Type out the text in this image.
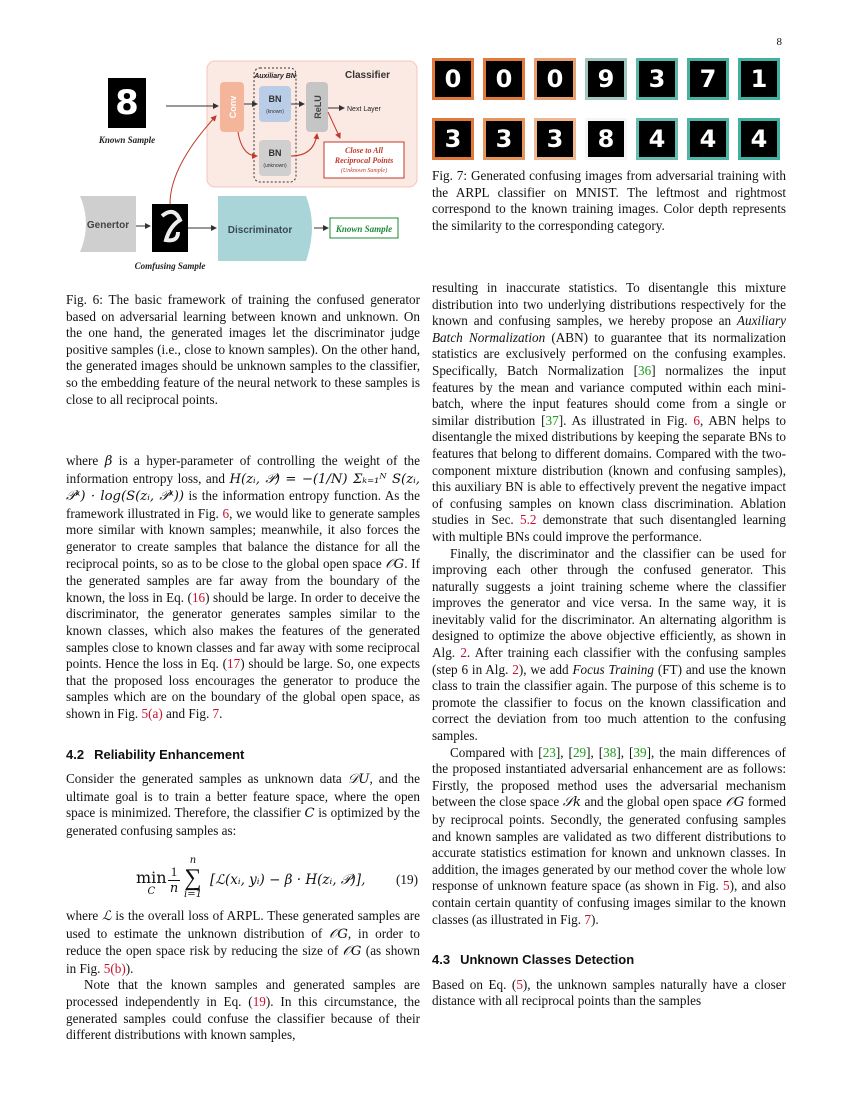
8
Classifier
8
Known Sample
Conv
Auxiliary BN
BN
(known)
BN
(unknown)
ReLU	Next Layer
Close to All
Reciprocal Points
(Unknown Sample)
Genertor
Comfusing Sample
Discriminator	Known Sample
Fig. 6: The basic framework of training the confused generator based on adversarial learning between known and unknown. On the one hand, the generated images let the discriminator judge positive samples (i.e., close to known samples). On the other hand, the generated images should be unknown samples to the classifier, so the embedding feature of the neural network to these samples is close to all reciprocal points.
0 0 0 9 3 7 1
3 3 3 8 4 4 4
Fig. 7: Generated confusing images from adversarial training with the ARPL classifier on MNIST. The leftmost and rightmost correspond to the known training images. Color depth represents the similarity to the corresponding category.

where β is a hyper-parameter of controlling the weight of the information entropy loss, and H(zᵢ, 𝒫) = −(1/N) Σₖ₌₁ᴺ S(zᵢ, 𝒫ᵏ) · log(S(zᵢ, 𝒫ᵏ)) is the information entropy function. As the framework illustrated in Fig. 6, we would like to generate samples more similar with known samples; meanwhile, it also forces the generator to create samples that balance the distance for all the reciprocal points, so as to be close to the global open space 𝒪G. If the generated samples are far away from the boundary of the known, the loss in Eq. (16) should be large. In order to deceive the discriminator, the generator generates samples similar to the known classes, which also makes the features of the generated samples close to known classes and far away with some reciprocal points. Hence the loss in Eq. (17) should be large. So, one expects that the proposed loss encourages the generator to produce the samples which are on the boundary of the global open space, as shown in Fig. 5(a) and Fig. 7.

4.2 Reliability Enhancement

Consider the generated samples as unknown data 𝒟U, and the ultimate goal is to train a better feature space, where the open space is minimized. Therefore, the classifier C is optimized by the generated confusing samples as:

min
C
1
n
n
∑
i=1
[ℒ(xᵢ, yᵢ) − β · H(zᵢ, 𝒫)], (19)

where ℒ is the overall loss of ARPL. These generated samples are used to estimate the unknown distribution of 𝒪G, in order to reduce the open space risk by reducing the size of 𝒪G (as shown in Fig. 5(b)).

Note that the known samples and generated samples are processed independently in Eq. (19). In this circumstance, the generated samples could confuse the classifier because of their different distributions with known samples,

resulting in inaccurate statistics. To disentangle this mixture distribution into two underlying distributions respectively for the known and confusing samples, we hereby propose an Auxiliary Batch Normalization (ABN) to guarantee that its normalization statistics are exclusively performed on the confusing examples. Specifically, Batch Normalization [36] normalizes the input features by the mean and variance computed within each mini-batch, where the input features should come from a single or similar distribution [37]. As illustrated in Fig. 6, ABN helps to disentangle the mixed distributions by keeping the separate BNs to features that belong to different domains. Compared with the two-component mixture distribution (known and confusing samples), this auxiliary BN is able to effectively prevent the negative impact of confusing samples on known class discrimination. Ablation studies in Sec. 5.2 demonstrate that such disentangled learning with multiple BNs could improve the performance.

Finally, the discriminator and the classifier can be used for improving each other through the confused generator. This naturally suggests a joint training scheme where the classifier improves the generator and vice versa. In the same way, it is inevitably valid for the discriminator. An alternating algorithm is designed to optimize the above objective efficiently, as shown in Alg. 2. After training each classifier with the confusing samples (step 6 in Alg. 2), we add Focus Training (FT) and use the known class to train the classifier again. The purpose of this scheme is to promote the classifier to focus on the known classification and correct the deviation from too much attention to the confusing samples.

Compared with [23], [29], [38], [39], the main differences of the proposed instantiated adversarial enhancement are as follows: Firstly, the proposed method uses the adversarial mechanism between the close space 𝒮k and the global open space 𝒪G formed by reciprocal points. Secondly, the generated confusing samples and known samples are validated as two different distributions to accurate statistics estimation for known and unknown classes. In addition, the images generated by our method cover the whole low response of unknown feature space (as shown in Fig. 5), and also contain certain quantity of confusing images similar to the known classes (as illustrated in Fig. 7).

4.3 Unknown Classes Detection

Based on Eq. (5), the unknown samples naturally have a closer distance with all reciprocal points than the samples
